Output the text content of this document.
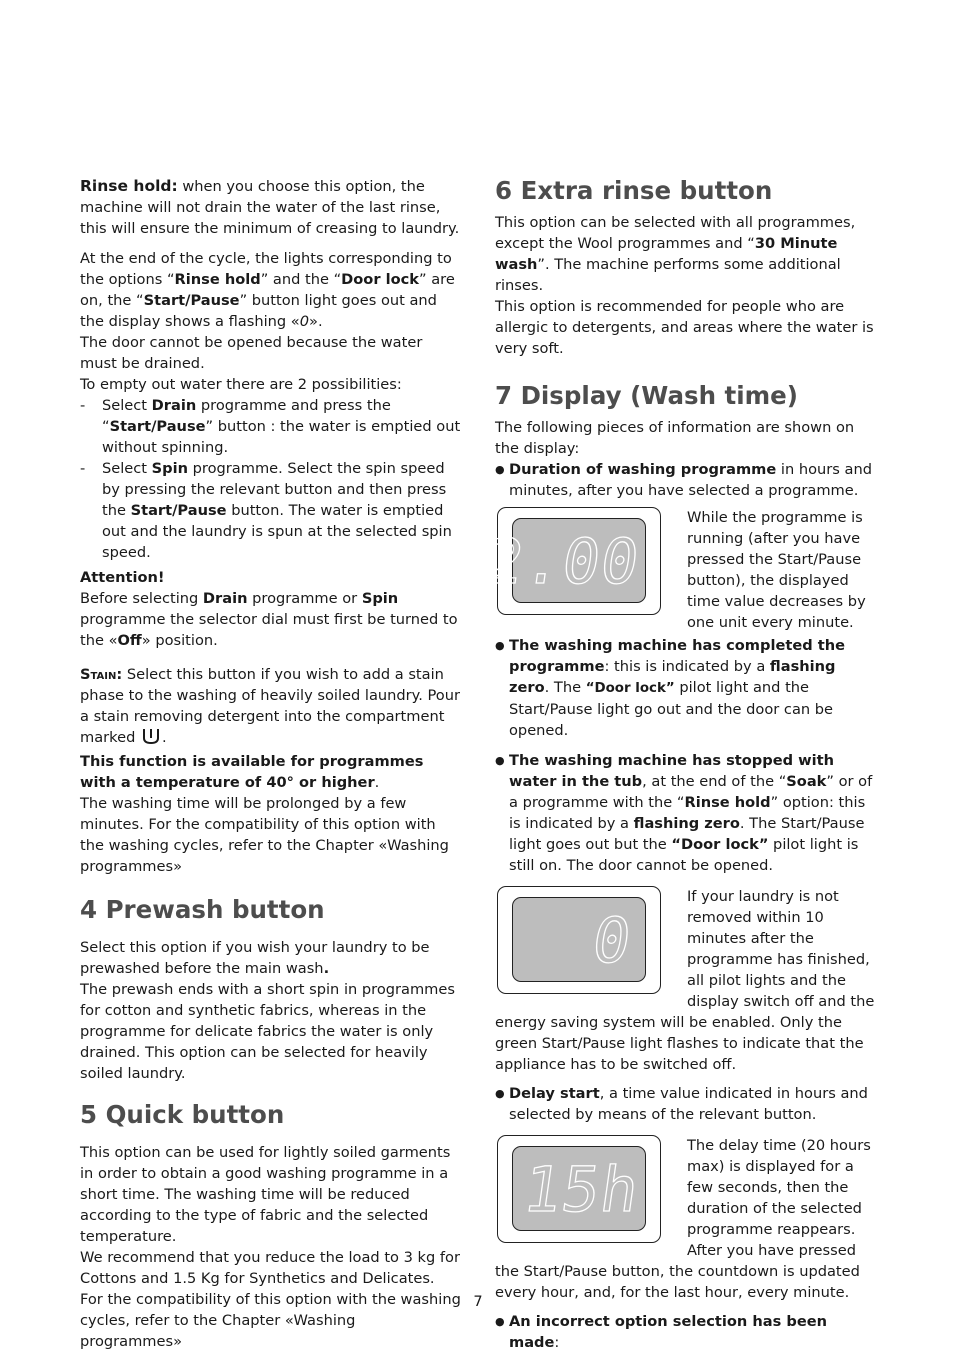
Rinse hold: when you choose this option, the machine will not drain the water of the last rinse, this will ensure the minimum of creasing to laundry.

At the end of the cycle, the lights corresponding to the options “Rinse hold” and the “Door lock” are on, the “Start/Pause” button light goes out and the display shows a flashing «0».

The door cannot be opened because the water must be drained.

To empty out water there are 2 possibilities:

- Select Drain programme and press the “Start/Pause” button : the water is emptied out without spinning.

- Select Spin programme. Select the spin speed by pressing the relevant button and then press the Start/Pause button. The water is emptied out and the laundry is spun at the selected spin speed.

Attention!

Before selecting Drain programme or Spin programme the selector dial must first be turned to the «Off» position.

Stain: Select this button if you wish to add a stain phase to the washing of heavily soiled laundry. Pour a stain removing detergent into the compartment marked .

This function is available for programmes with a temperature of 40° or higher.

The washing time will be prolonged by a few minutes. For the compatibility of this option with the washing cycles, refer to the Chapter «Washing programmes»

4 Prewash button

Select this option if you wish your laundry to be prewashed before the main wash.

The prewash ends with a short spin in programmes for cotton and synthetic fabrics, whereas in the programme for delicate fabrics the water is only drained. This option can be selected for heavily soiled laundry.

5 Quick button

This option can be used for lightly soiled garments in order to obtain a good washing programme in a short time. The washing time will be reduced according to the type of fabric and the selected temperature.

We recommend that you reduce the load to 3 kg for Cottons and 1.5 Kg for Synthetics and Delicates.

For the compatibility of this option with the washing cycles, refer to the Chapter «Washing programmes»

6 Extra rinse button

This option can be selected with all programmes, except the Wool programmes and “30 Minute wash”. The machine performs some additional rinses.

This option is recommended for people who are allergic to detergents, and areas where the water is very soft.

7 Display (Wash time)

The following pieces of information are shown on the display:

● Duration of washing programme in hours and minutes, after you have selected a programme.

2.00

While the programme is running (after you have pressed the Start/Pause button), the displayed time value decreases by one unit every minute.

● The washing machine has completed the programme: this is indicated by a flashing zero. The “Door lock” pilot light and the Start/Pause light go out and the door can be opened.

● The washing machine has stopped with water in the tub, at the end of the “Soak” or of a programme with the “Rinse hold” option: this is indicated by a flashing zero. The Start/Pause light goes out but the “Door lock” pilot light is still on. The door cannot be opened.

0

If your laundry is not removed within 10 minutes after the programme has finished, all pilot lights and the display switch off and the energy saving system will be enabled. Only the green Start/Pause light flashes to indicate that the appliance has to be switched off.

● Delay start, a time value indicated in hours and selected by means of the relevant button.

15h

The delay time (20 hours max) is displayed for a few seconds, then the duration of the selected programme reappears. After you have pressed the Start/Pause button, the countdown is updated every hour, and, for the last hour, every minute.

● An incorrect option selection has been made:

7
